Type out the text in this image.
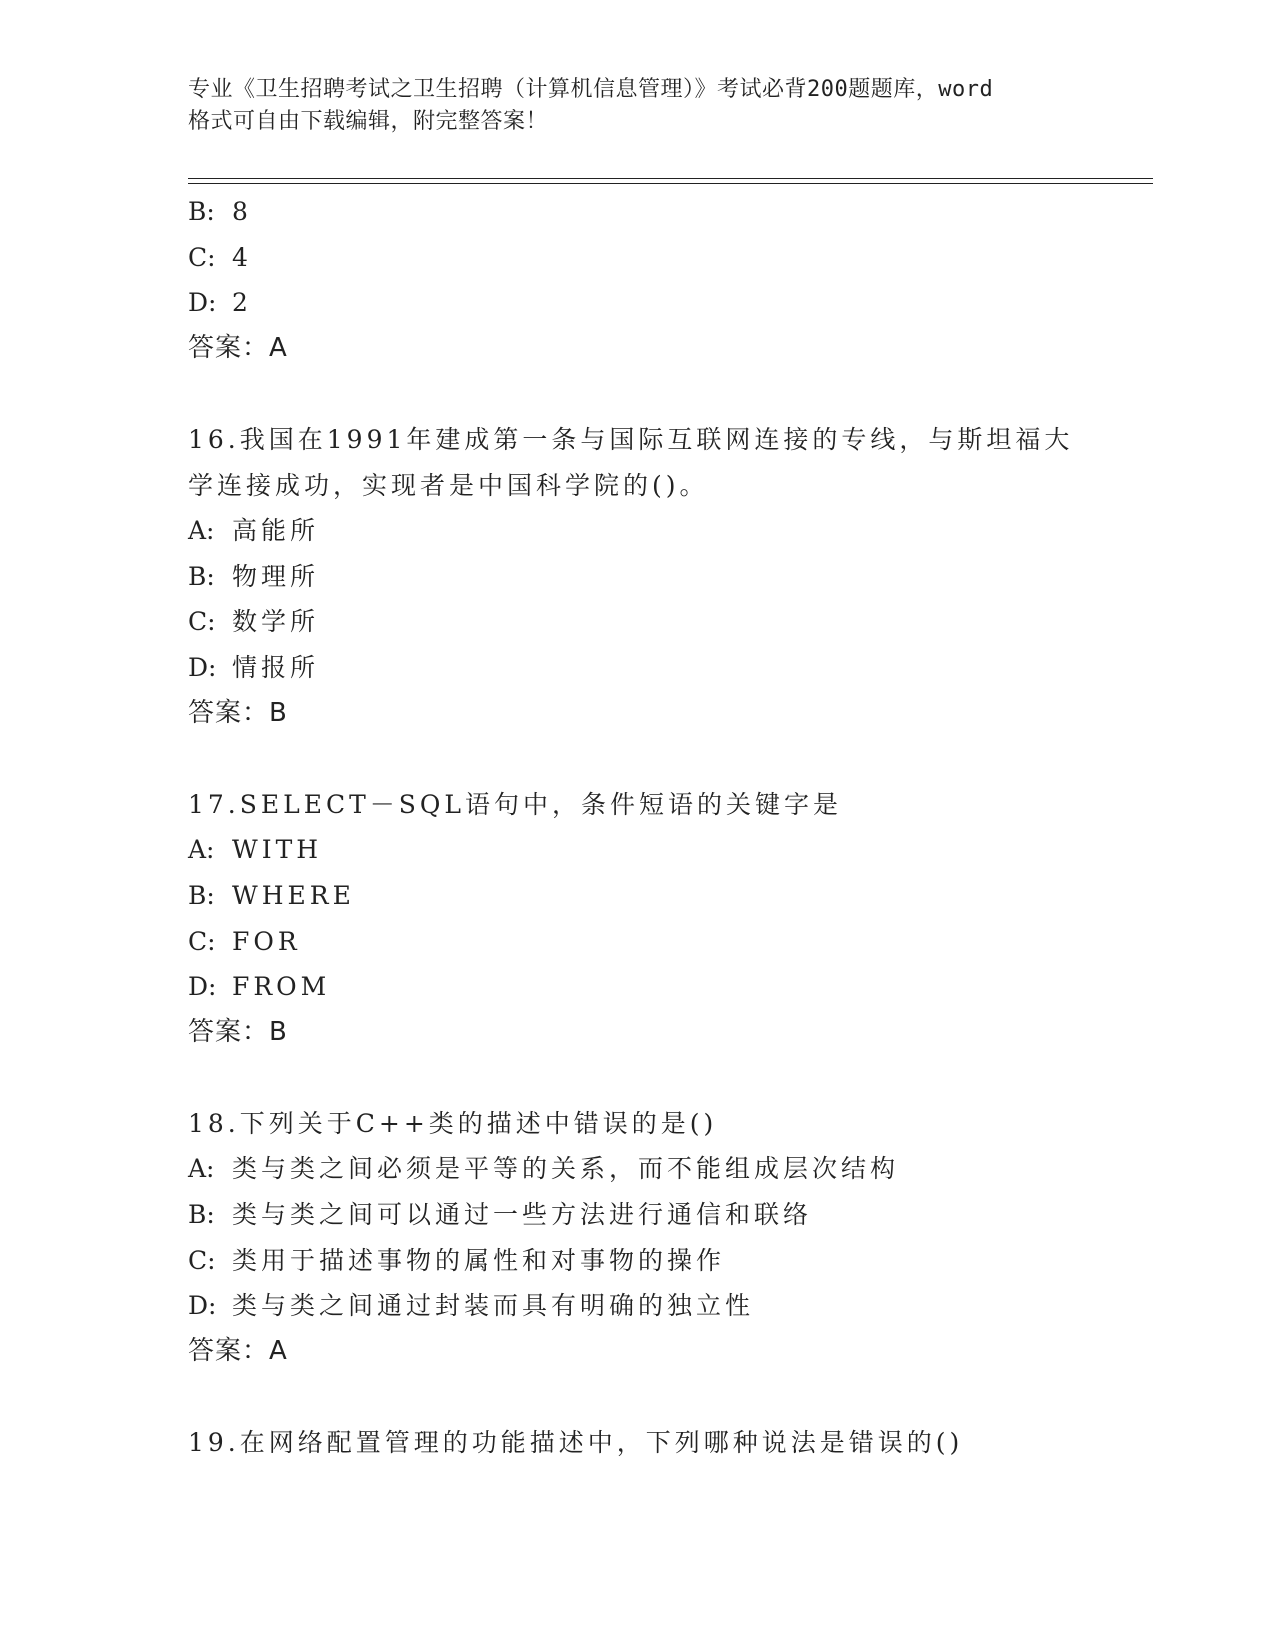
专业《卫生招聘考试之卫生招聘（计算机信息管理）》考试必背200题题库，word
格式可自由下载编辑，附完整答案！
B: 8
C: 4
D: 2
答案：A
16.我国在1991年建成第一条与国际互联网连接的专线，与斯坦福大
学连接成功，实现者是中国科学院的()。
A: 高能所
B: 物理所
C: 数学所
D: 情报所
答案：B
17.SELECT－SQL语句中，条件短语的关键字是
A: WITH
B: WHERE
C: FOR
D: FROM
答案：B
18.下列关于C++类的描述中错误的是()
A: 类与类之间必须是平等的关系，而不能组成层次结构
B: 类与类之间可以通过一些方法进行通信和联络
C: 类用于描述事物的属性和对事物的操作
D: 类与类之间通过封装而具有明确的独立性
答案：A
19.在网络配置管理的功能描述中，下列哪种说法是错误的()
